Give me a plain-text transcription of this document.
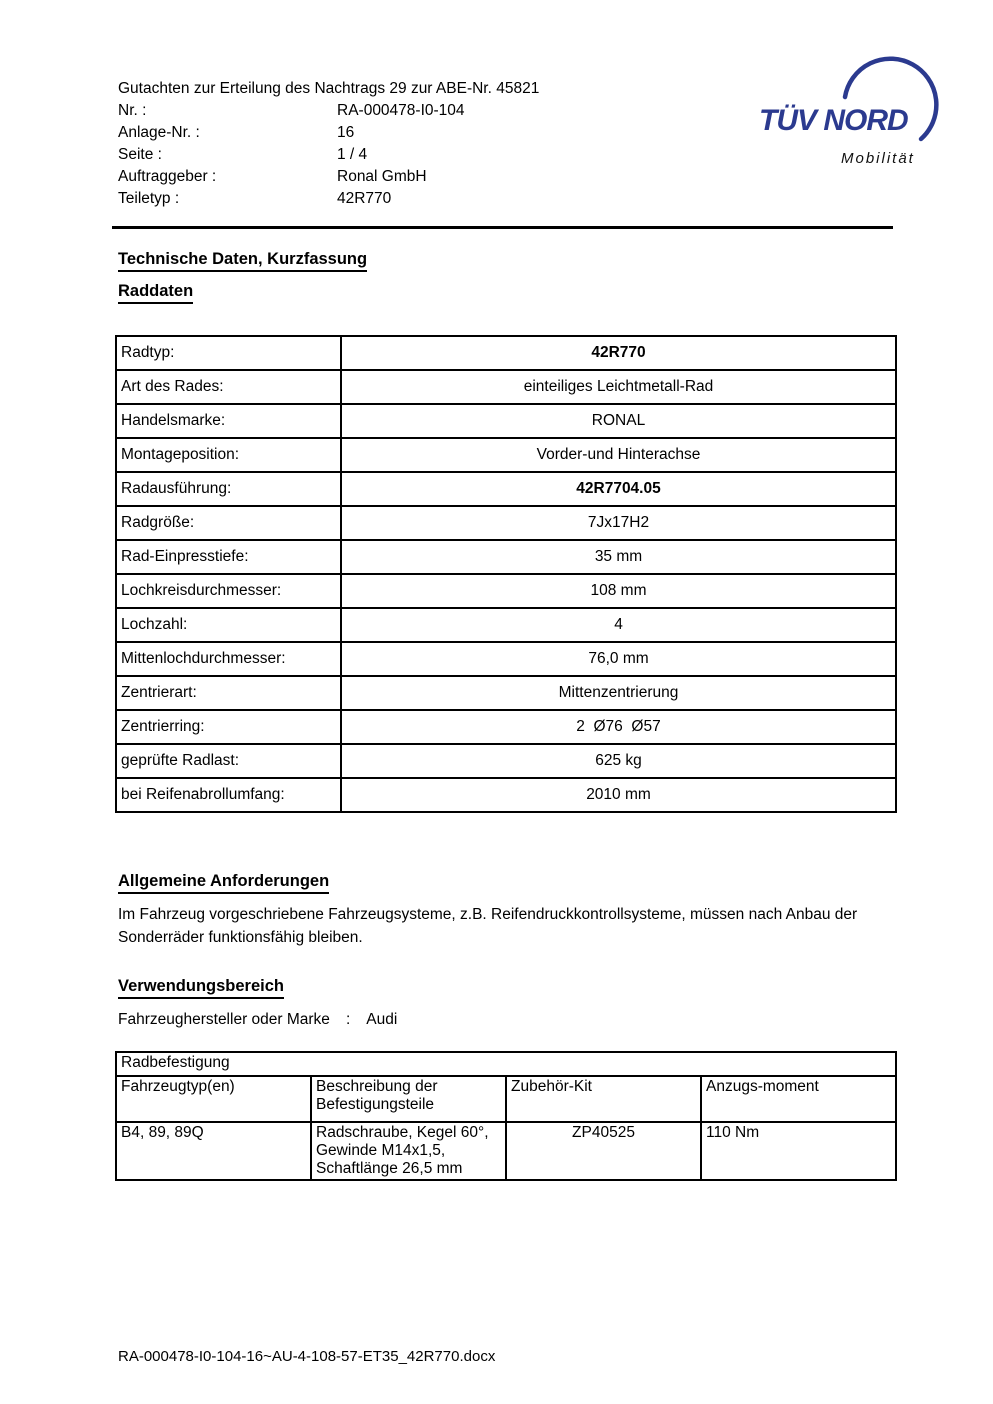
Gutachten zur Erteilung des Nachtrags 29 zur ABE-Nr. 45821
Nr. :	RA-000478-I0-104
Anlage-Nr. :	16
Seite :	1 / 4
Auftraggeber :	Ronal GmbH
Teiletyp :	42R770
TÜV NORD
Mobilität
Technische Daten, Kurzfassung
Raddaten
Radtyp:	42R770
Art des Rades:	einteiliges Leichtmetall-Rad
Handelsmarke:	RONAL
Montageposition:	Vorder-und Hinterachse
Radausführung:	42R7704.05
Radgröße:	7Jx17H2
Rad-Einpresstiefe:	35 mm
Lochkreisdurchmesser:	108 mm
Lochzahl:	4
Mittenlochdurchmesser:	76,0 mm
Zentrierart:	Mittenzentrierung
Zentrierring:	2  Ø76  Ø57
geprüfte Radlast:	625 kg
bei Reifenabrollumfang:	2010 mm
Allgemeine Anforderungen
Im Fahrzeug vorgeschriebene Fahrzeugsysteme, z.B. Reifendruckkontrollsysteme, müssen nach Anbau der Sonderräder funktionsfähig bleiben.
Verwendungsbereich
Fahrzeughersteller oder Marke : Audi
Radbefestigung			
Fahrzeugtyp(en)	Beschreibung der Befestigungsteile	Zubehör-Kit	Anzugs-moment
B4, 89, 89Q	Radschraube, Kegel 60°, Gewinde M14x1,5, Schaftlänge 26,5 mm	ZP40525	110 Nm
RA-000478-I0-104-16~AU-4-108-57-ET35_42R770.docx
